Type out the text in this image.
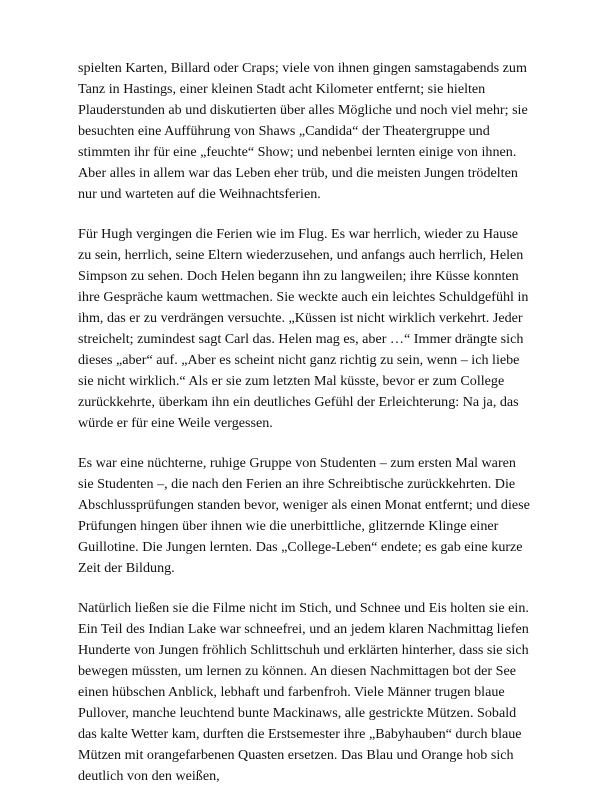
spielten Karten, Billard oder Craps; viele von ihnen gingen samstagabends zum Tanz in Hastings, einer kleinen Stadt acht Kilometer entfernt; sie hielten Plauderstunden ab und diskutierten über alles Mögliche und noch viel mehr; sie besuchten eine Aufführung von Shaws „Candida“ der Theatergruppe und stimmten ihr für eine „feuchte“ Show; und nebenbei lernten einige von ihnen. Aber alles in allem war das Leben eher trüb, und die meisten Jungen trödelten nur und warteten auf die Weihnachtsferien.

Für Hugh vergingen die Ferien wie im Flug. Es war herrlich, wieder zu Hause zu sein, herrlich, seine Eltern wiederzusehen, und anfangs auch herrlich, Helen Simpson zu sehen. Doch Helen begann ihn zu langweilen; ihre Küsse konnten ihre Gespräche kaum wettmachen. Sie weckte auch ein leichtes Schuldgefühl in ihm, das er zu verdrängen versuchte. „Küssen ist nicht wirklich verkehrt. Jeder streichelt; zumindest sagt Carl das. Helen mag es, aber …“ Immer drängte sich dieses „aber“ auf. „Aber es scheint nicht ganz richtig zu sein, wenn – ich liebe sie nicht wirklich.“ Als er sie zum letzten Mal küsste, bevor er zum College zurückkehrte, überkam ihn ein deutliches Gefühl der Erleichterung: Na ja, das würde er für eine Weile vergessen.

Es war eine nüchterne, ruhige Gruppe von Studenten – zum ersten Mal waren sie Studenten –, die nach den Ferien an ihre Schreibtische zurückkehrten. Die Abschlussprüfungen standen bevor, weniger als einen Monat entfernt; und diese Prüfungen hingen über ihnen wie die unerbittliche, glitzernde Klinge einer Guillotine. Die Jungen lernten. Das „College-Leben“ endete; es gab eine kurze Zeit der Bildung.

Natürlich ließen sie die Filme nicht im Stich, und Schnee und Eis holten sie ein. Ein Teil des Indian Lake war schneefrei, und an jedem klaren Nachmittag liefen Hunderte von Jungen fröhlich Schlittschuh und erklärten hinterher, dass sie sich bewegen müssten, um lernen zu können. An diesen Nachmittagen bot der See einen hübschen Anblick, lebhaft und farbenfroh. Viele Männer trugen blaue Pullover, manche leuchtend bunte Mackinaws, alle gestrickte Mützen. Sobald das kalte Wetter kam, durften die Erstsemester ihre „Babyhauben“ durch blaue Mützen mit orangefarbenen Quasten ersetzen. Das Blau und Orange hob sich deutlich von den weißen,
